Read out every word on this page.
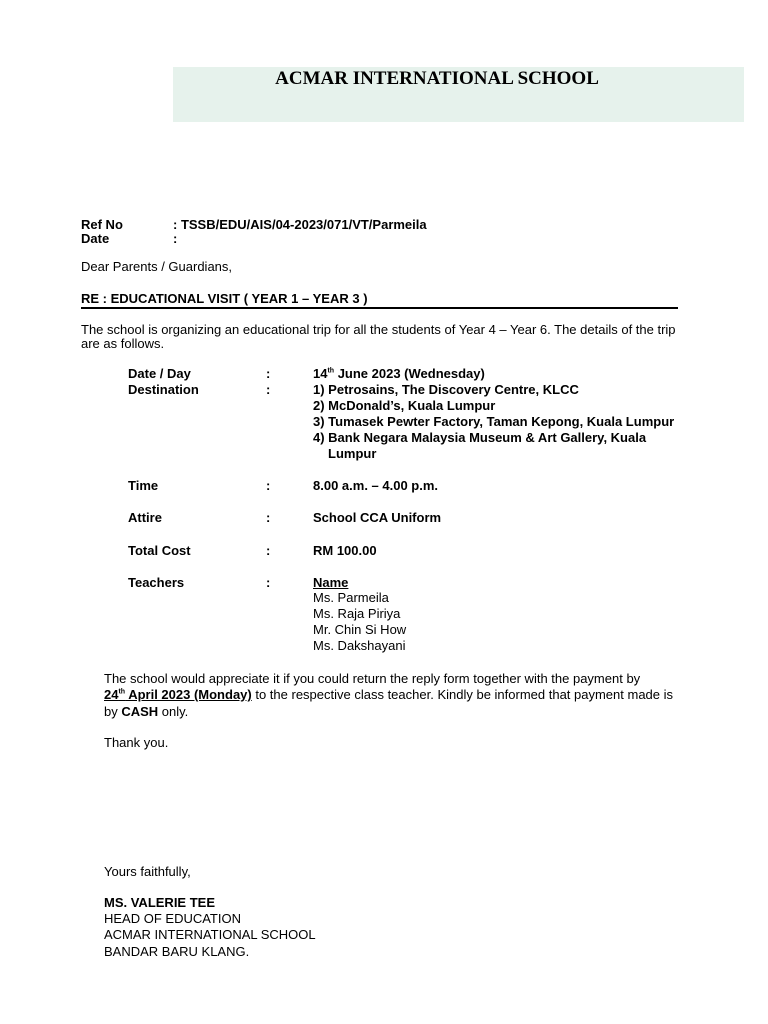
ACMAR INTERNATIONAL SCHOOL
Ref No	: TSSB/EDU/AIS/04-2023/071/VT/Parmeila
Date	:
Dear Parents / Guardians,
RE : EDUCATIONAL VISIT ( YEAR 1 – YEAR 3 )
The school is organizing an educational trip for all the students of Year 4 – Year 6. The details of the trip
are as follows.
Date / Day	:	14th June 2023 (Wednesday)
Destination	:	1) Petrosains, The Discovery Centre, KLCC
2) McDonald’s, Kuala Lumpur
3) Tumasek Pewter Factory, Taman Kepong, Kuala Lumpur
4) Bank Negara Malaysia Museum & Art Gallery, Kuala
Lumpur
Time	:	8.00 a.m. – 4.00 p.m.
Attire	:	School CCA Uniform
Total Cost	:	RM 100.00
Teachers	:	Name
Ms. Parmeila
Ms. Raja Piriya
Mr. Chin Si How
Ms. Dakshayani
The school would appreciate it if you could return the reply form together with the payment by
24th April 2023 (Monday) to the respective class teacher. Kindly be informed that payment made is
by CASH only.
Thank you.
Yours faithfully,
MS. VALERIE TEE
HEAD OF EDUCATION
ACMAR INTERNATIONAL SCHOOL
BANDAR BARU KLANG.
